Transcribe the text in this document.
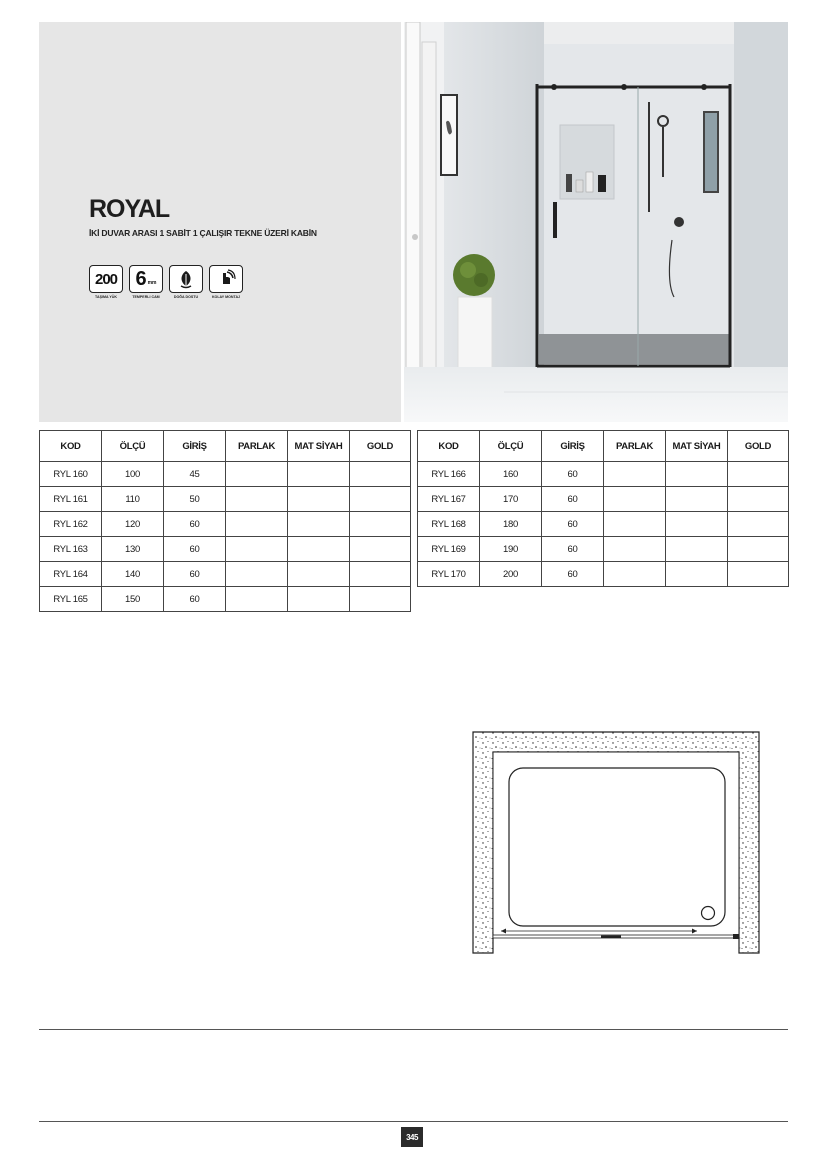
ROYAL
İKİ DUVAR ARASI 1 SABİT 1 ÇALIŞIR TEKNE ÜZERİ KABİN
200
TAŞIMA YÜK
6 mm
TEMPERLI CAM	DOĞA DOSTU	KOLAY MONTAJ
KOD	ÖLÇÜ	GİRİŞ	PARLAK	MAT SİYAH	GOLD
RYL 160	100	45			
RYL 161	110	50			
RYL 162	120	60			
RYL 163	130	60			
RYL 164	140	60			
RYL 165	150	60			
KOD	ÖLÇÜ	GİRİŞ	PARLAK	MAT SİYAH	GOLD
RYL 166	160	60			
RYL 167	170	60			
RYL 168	180	60			
RYL 169	190	60			
RYL 170	200	60			
345
